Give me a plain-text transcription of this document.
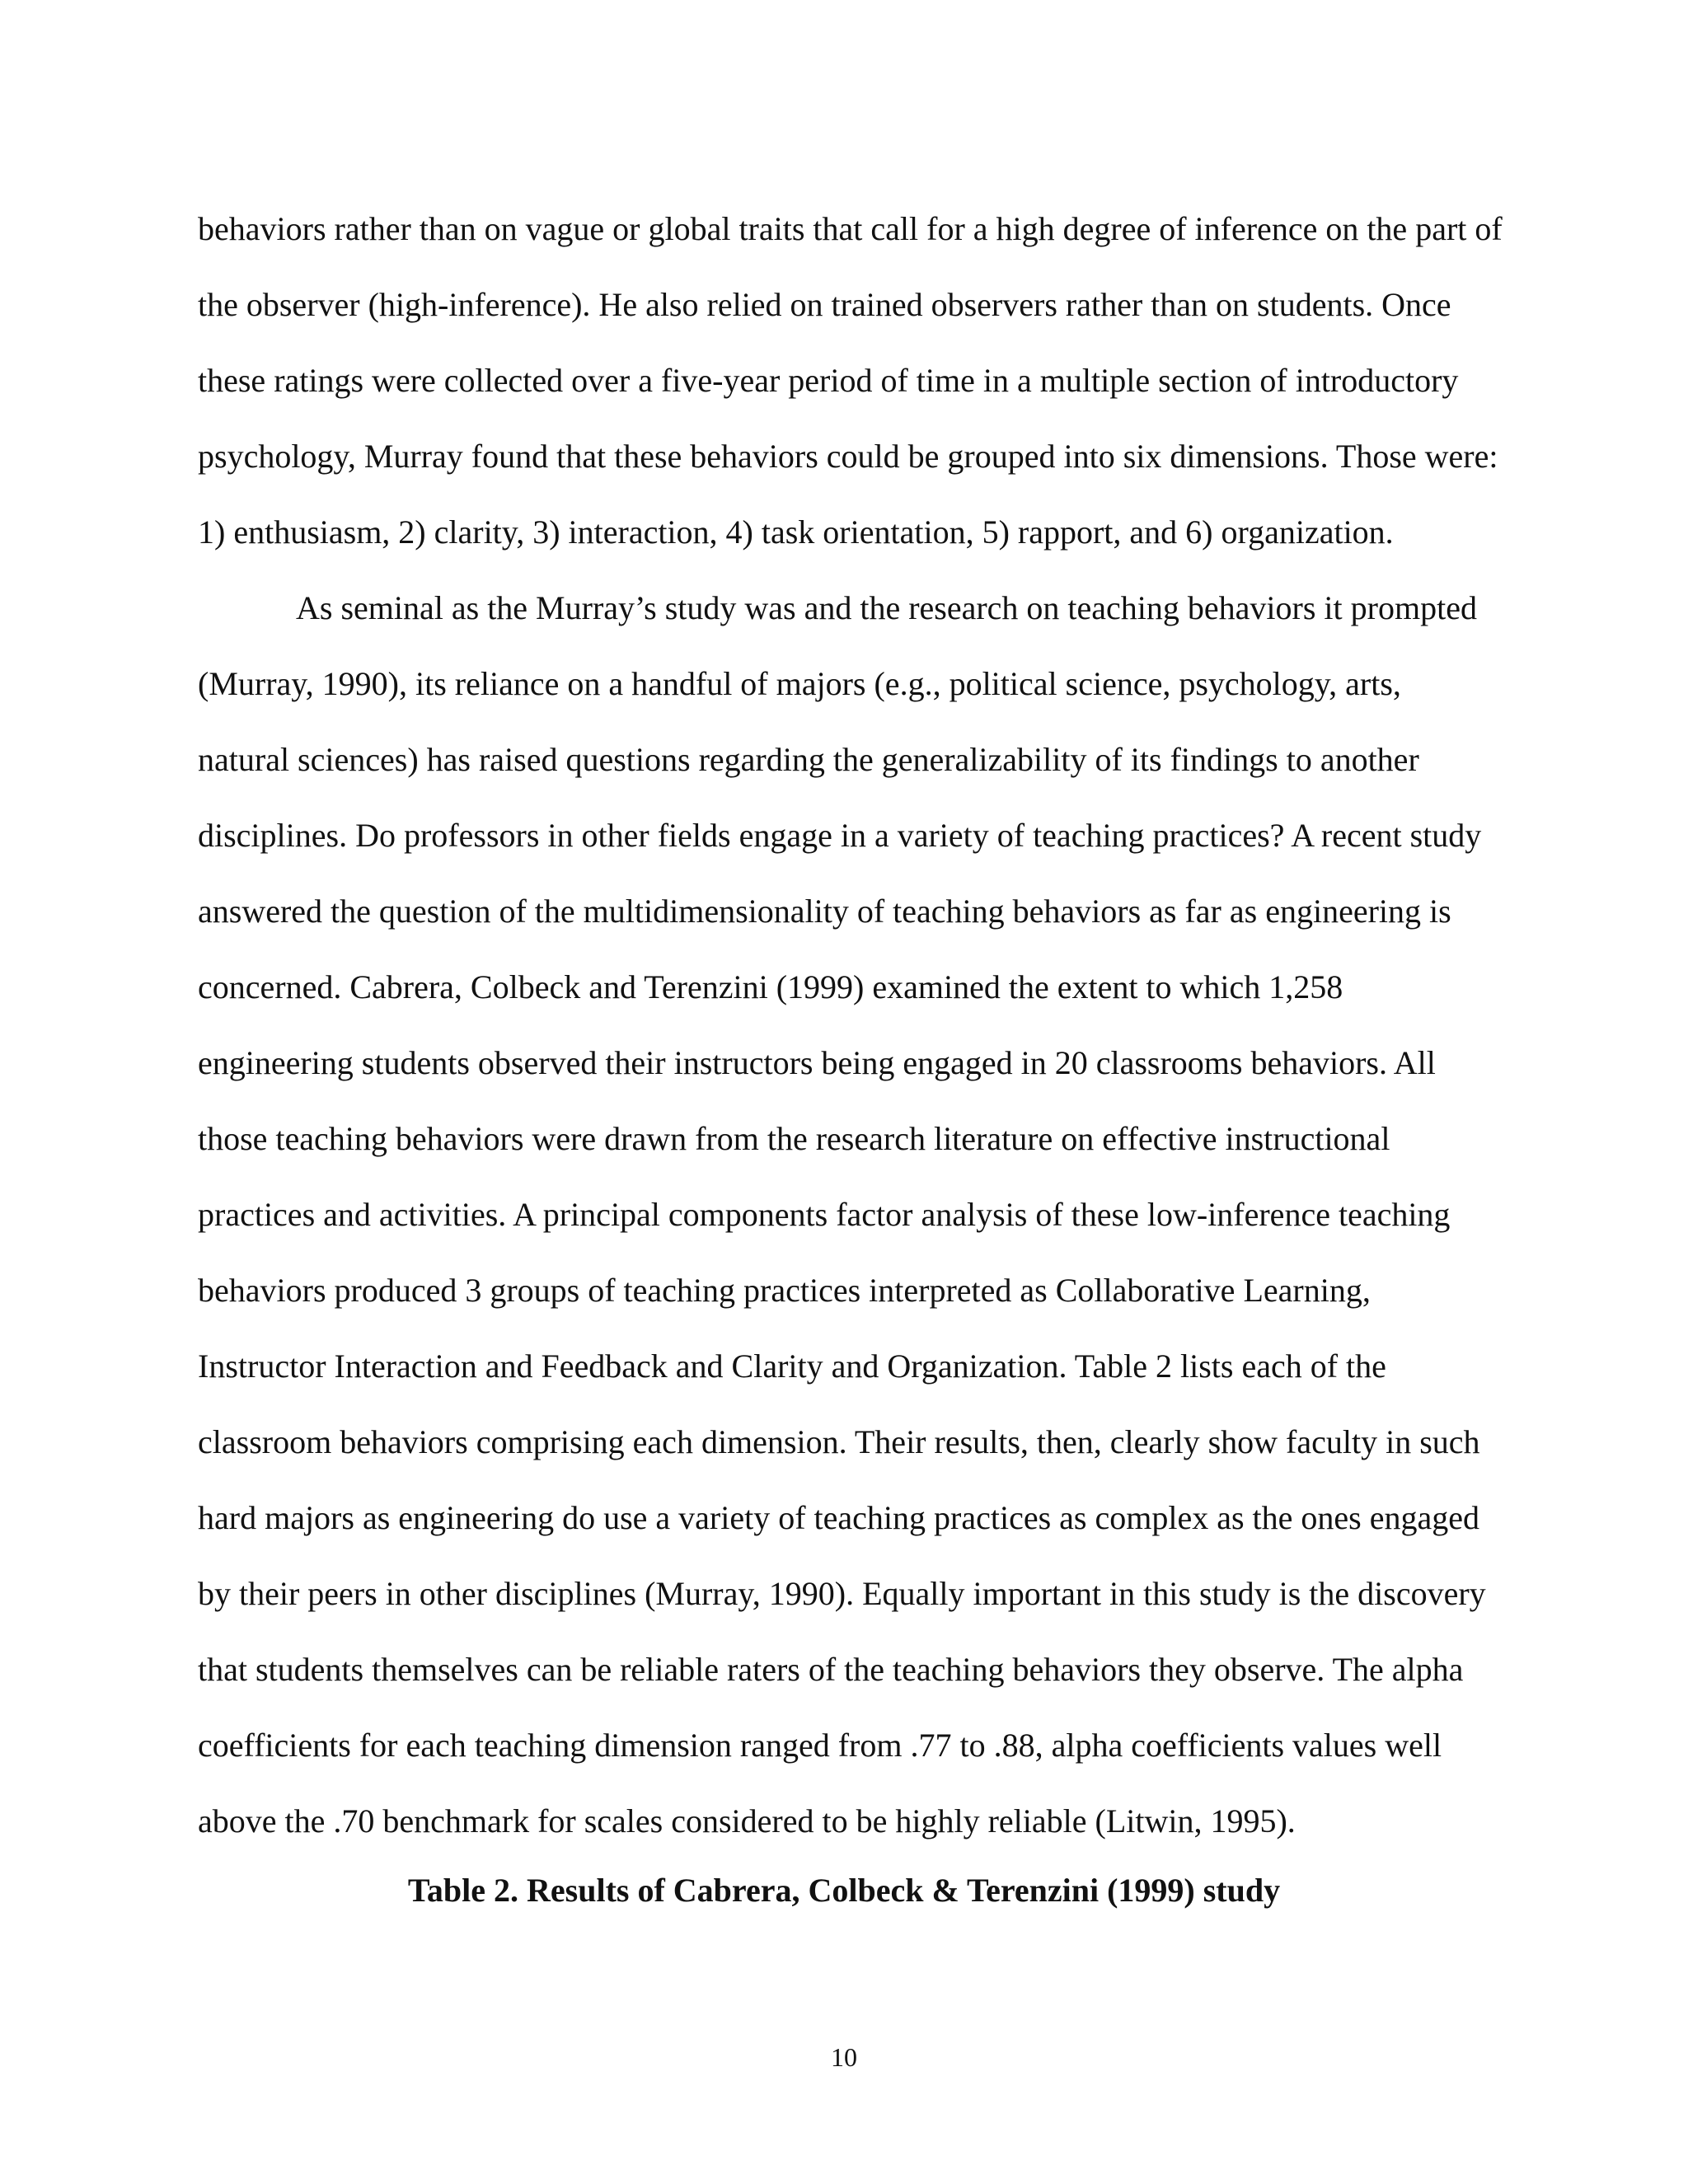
behaviors rather than on vague or global traits that call for a high degree of inference on the part of
the observer (high-inference). He also relied on trained observers rather than on students. Once
these ratings were collected over a five-year period of time in a multiple section of introductory
psychology, Murray found that these behaviors could be grouped into six dimensions. Those were:
1) enthusiasm, 2) clarity, 3) interaction, 4) task orientation, 5) rapport, and 6) organization.
As seminal as the Murray’s study was and the research on teaching behaviors it prompted
(Murray, 1990), its reliance on a handful of majors (e.g., political science, psychology, arts,
natural sciences) has raised questions regarding the generalizability of its findings to another
disciplines. Do professors in other fields engage in a variety of teaching practices? A recent study
answered the question of the multidimensionality of teaching behaviors as far as engineering is
concerned. Cabrera, Colbeck and Terenzini (1999) examined the extent to which 1,258
engineering students observed their instructors being engaged in 20 classrooms behaviors. All
those teaching behaviors were drawn from the research literature on effective instructional
practices and activities. A principal components factor analysis of these low-inference teaching
behaviors produced 3 groups of teaching practices interpreted as Collaborative Learning,
Instructor Interaction and Feedback and Clarity and Organization. Table 2 lists each of the
classroom behaviors comprising each dimension. Their results, then, clearly show faculty in such
hard majors as engineering do use a variety of teaching practices as complex as the ones engaged
by their peers in other disciplines (Murray, 1990). Equally important in this study is the discovery
that students themselves can be reliable raters of the teaching behaviors they observe. The alpha
coefficients for each teaching dimension ranged from .77 to .88, alpha coefficients values well
above the .70 benchmark for scales considered to be highly reliable (Litwin, 1995).
Table 2. Results of Cabrera, Colbeck & Terenzini (1999) study
10
